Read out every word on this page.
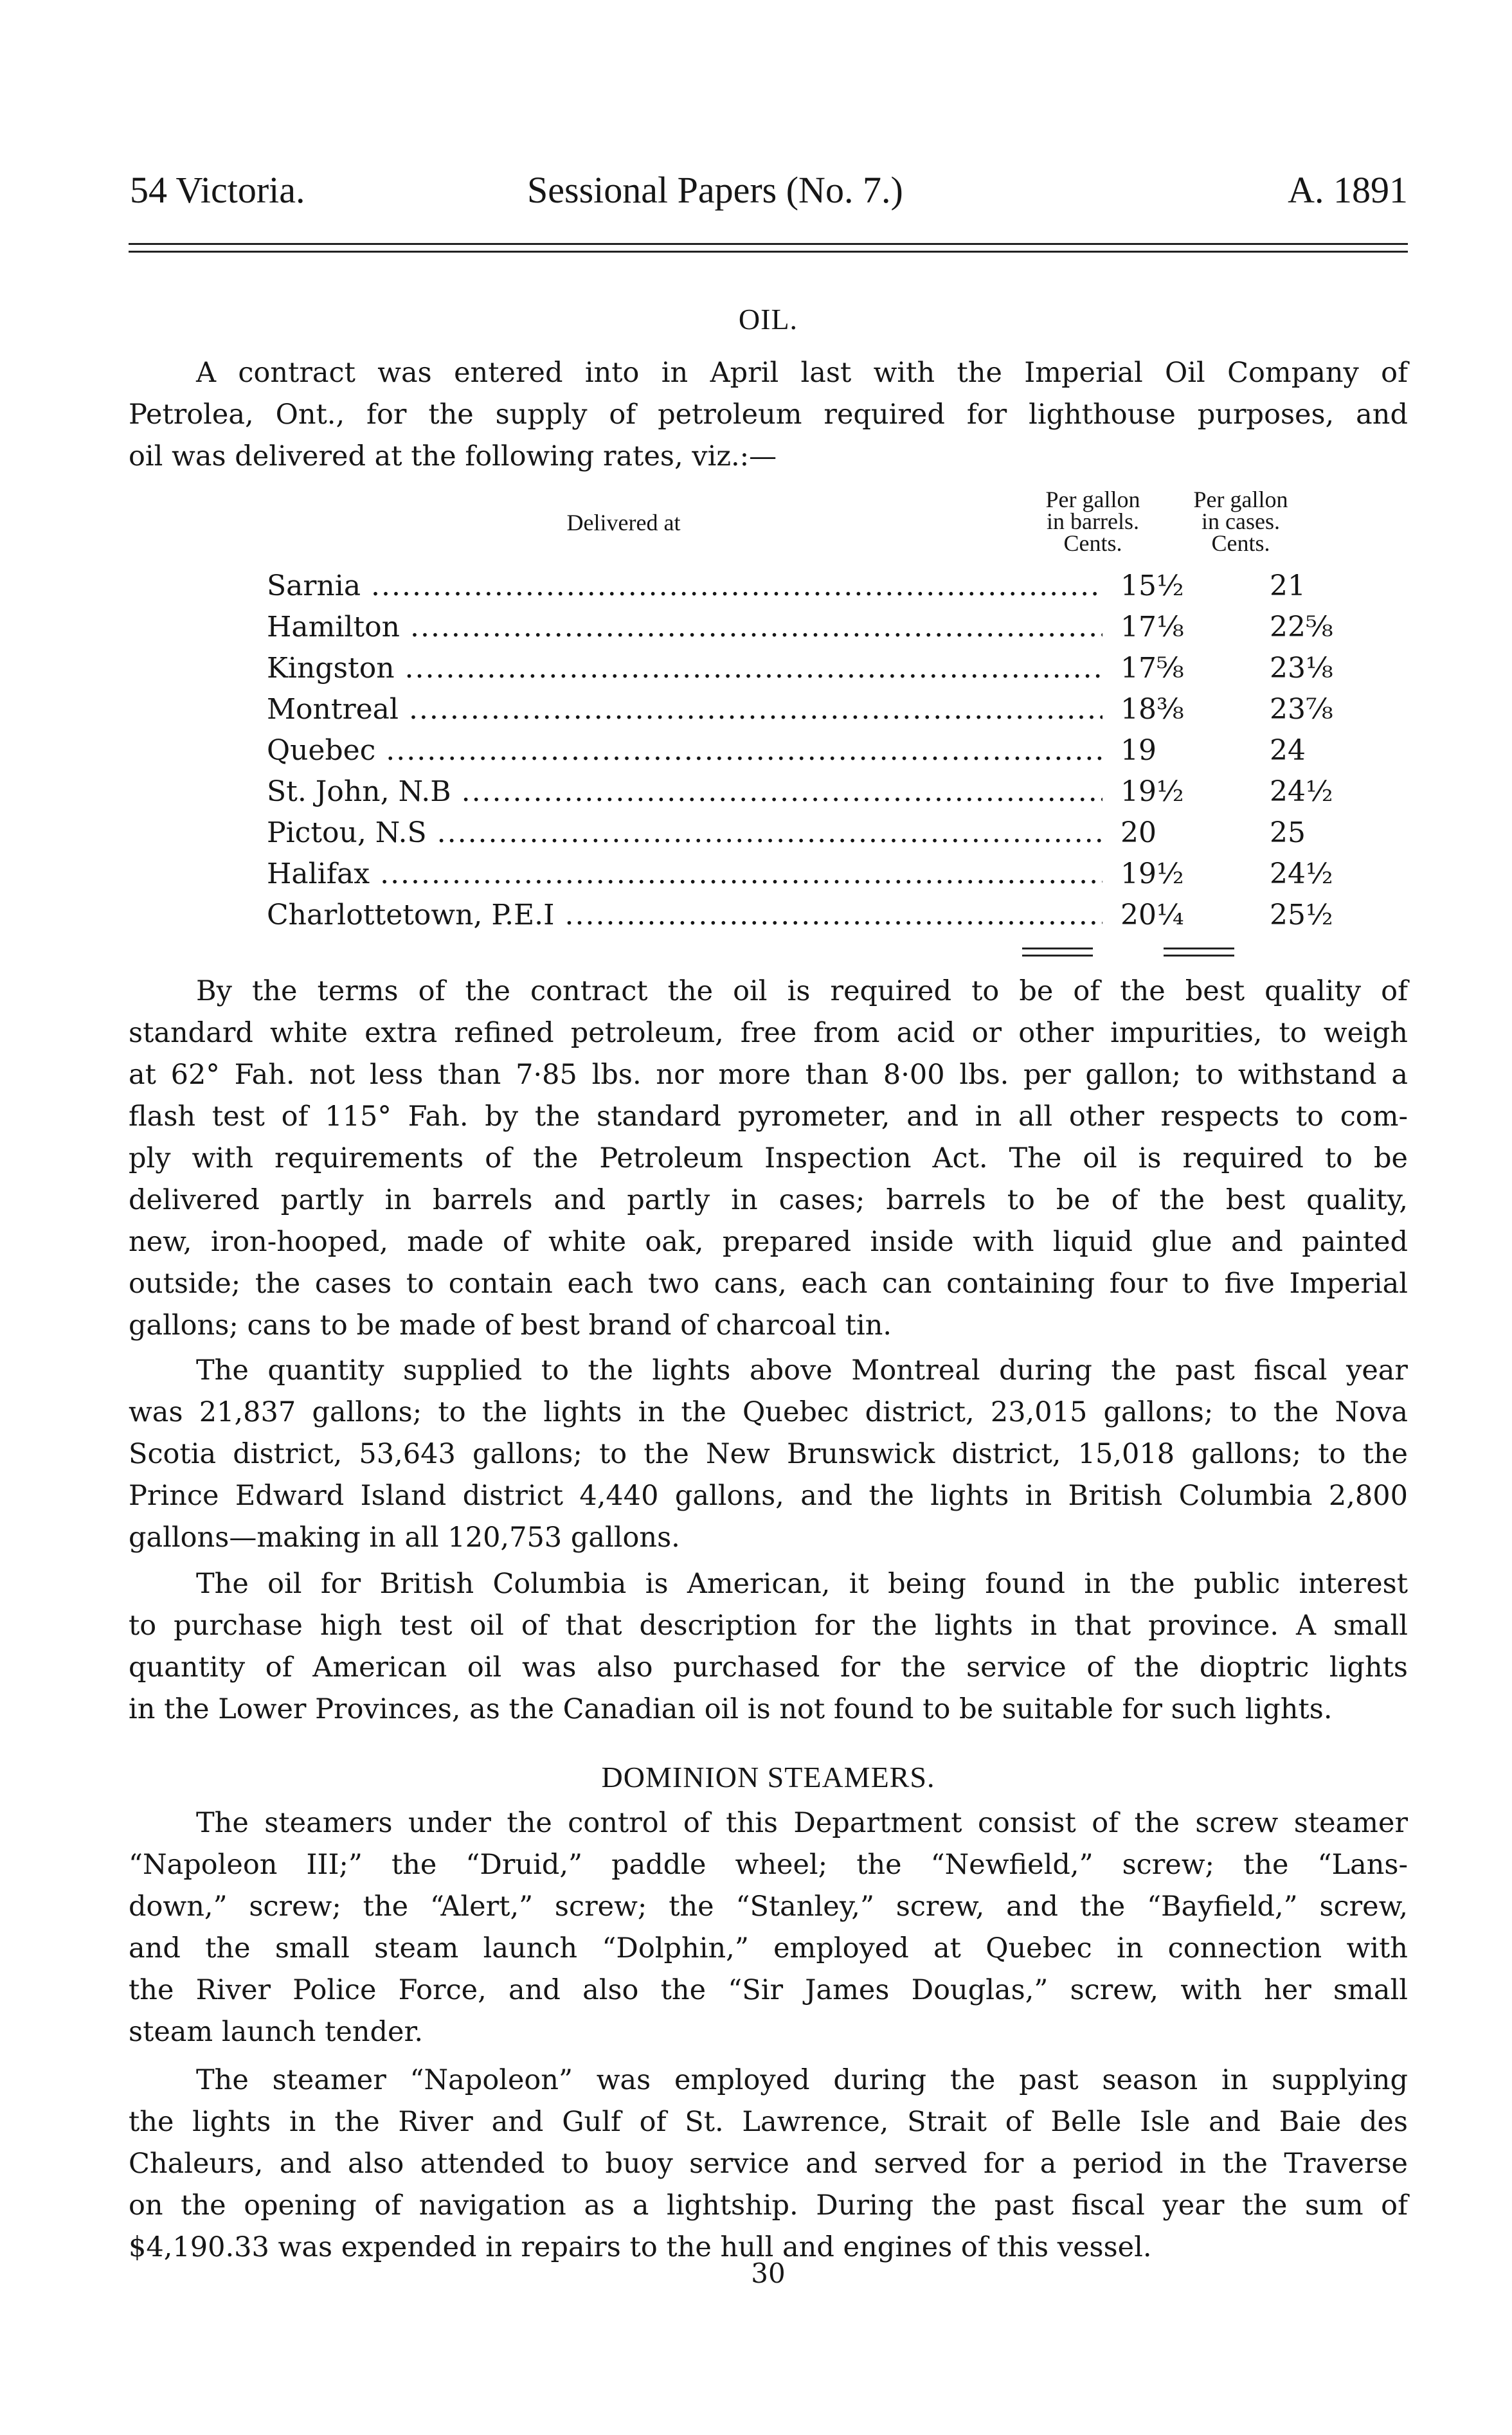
54 Victoria.	Sessional Papers (No. 7.)	A. 1891
OIL.
A contract was entered into in April last with the Imperial Oil Company of
Petrolea, Ont., for the supply of petroleum required for lighthouse purposes, and
oil was delivered at the following rates, viz.:—
Delivered at
Per gallon
in barrels.
Cents.
Per gallon
in cases.
Cents.
Sarnia .....	15½	21
Hamilton .....	17⅛	22⅝
Kingston .....	17⅝	23⅛
Montreal .....	18⅜	23⅞
Quebec .....	19	24
St. John, N.B .....	19½	24½
Pictou, N.S .....	20	25
Halifax .....	19½	24½
Charlottetown, P.E.I .....	20¼	25½
By the terms of the contract the oil is required to be of the best quality of
standard white extra refined petroleum, free from acid or other impurities, to weigh
at 62° Fah. not less than 7·85 lbs. nor more than 8·00 lbs. per gallon; to withstand a
flash test of 115° Fah. by the standard pyrometer, and in all other respects to com-
ply with requirements of the Petroleum Inspection Act. The oil is required to be
delivered partly in barrels and partly in cases; barrels to be of the best quality,
new, iron-hooped, made of white oak, prepared inside with liquid glue and painted
outside; the cases to contain each two cans, each can containing four to five Imperial
gallons; cans to be made of best brand of charcoal tin.
The quantity supplied to the lights above Montreal during the past fiscal year
was 21,837 gallons; to the lights in the Quebec district, 23,015 gallons; to the Nova
Scotia district, 53,643 gallons; to the New Brunswick district, 15,018 gallons; to the
Prince Edward Island district 4,440 gallons, and the lights in British Columbia 2,800
gallons—making in all 120,753 gallons.
The oil for British Columbia is American, it being found in the public interest
to purchase high test oil of that description for the lights in that province. A small
quantity of American oil was also purchased for the service of the dioptric lights
in the Lower Provinces, as the Canadian oil is not found to be suitable for such lights.
DOMINION STEAMERS.
The steamers under the control of this Department consist of the screw steamer
“Napoleon III;” the “Druid,” paddle wheel; the “Newfield,” screw; the “Lans-
down,” screw; the “Alert,” screw; the “Stanley,” screw, and the “Bayfield,” screw,
and the small steam launch “Dolphin,” employed at Quebec in connection with
the River Police Force, and also the “Sir James Douglas,” screw, with her small
steam launch tender.
The steamer “Napoleon” was employed during the past season in supplying
the lights in the River and Gulf of St. Lawrence, Strait of Belle Isle and Baie des
Chaleurs, and also attended to buoy service and served for a period in the Traverse
on the opening of navigation as a lightship. During the past fiscal year the sum of
$4,190.33 was expended in repairs to the hull and engines of this vessel.
30
